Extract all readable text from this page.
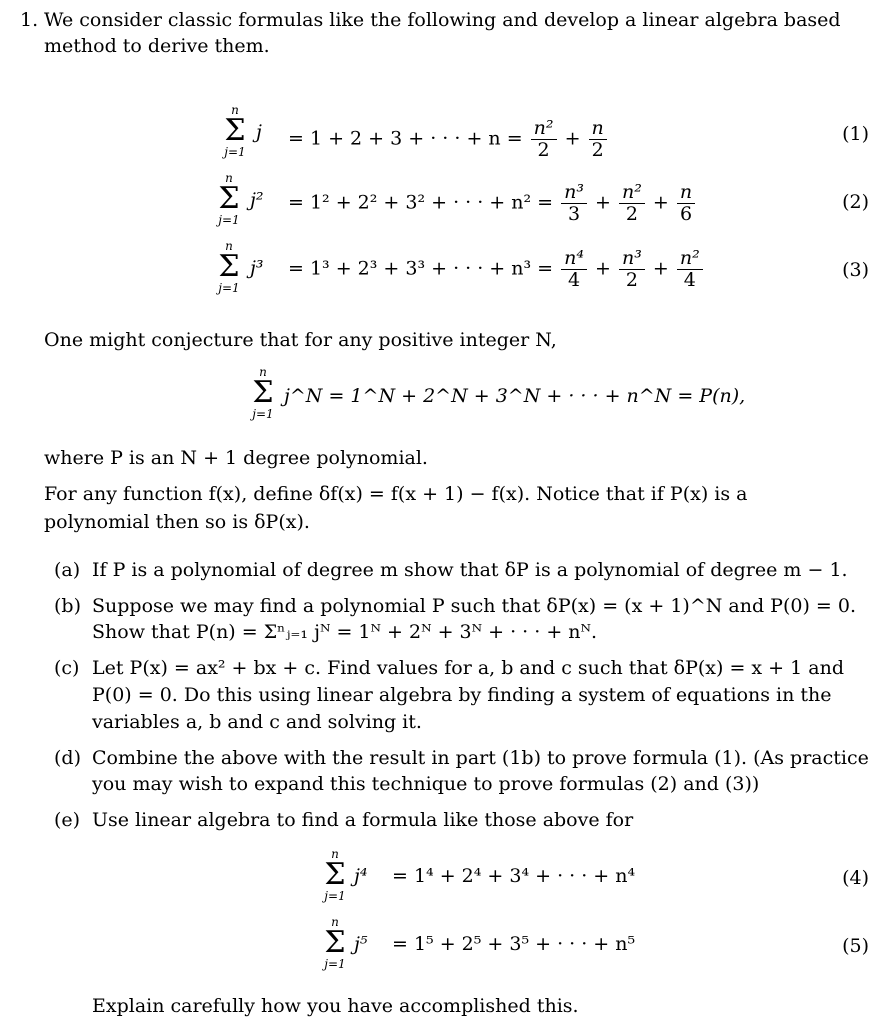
1. We consider classic formulas like the following and develop a linear algebra based
method to derive them.
n
Σ
j=1
j = 1 + 2 + 3 + · · · + $n = \frac{\text{n²}}{2} + \frac{n}{2}$	(1)
n
Σ
j=1
j² = 1² + 2² + 3² + · · · + $n^2 = \frac{\text{n³}}{3} + \frac{\text{n²}}{2} + \frac{n}{6}$	(2)
n
Σ
j=1
j³ = 1³ + 2³ + 3³ + · · · + $n^3 = \frac{\text{n⁴}}{4} + \frac{\text{n³}}{2} + \frac{\text{n²}}{4}$	(3)
One might conjecture that for any positive integer N,
n
Σ
j=1
j^N = 1^N + 2^N + 3^N + · · · + n^N = P(n),
where P is an N + 1 degree polynomial.
For any function f(x), define δf(x) = f(x + 1) − f(x). Notice that if P(x) is a
polynomial then so is δP(x).
(a) If P is a polynomial of degree m show that δP is a polynomial of degree m − 1.
(b) Suppose we may find a polynomial P such that δP(x) = (x + 1)^N and P(0) = 0.
Show that P(n) = Σⁿⱼ₌₁ jᴺ = 1ᴺ + 2ᴺ + 3ᴺ + · · · + nᴺ.
(c) Let P(x) = ax² + bx + c. Find values for a, b and c such that δP(x) = x + 1 and
P(0) = 0. Do this using linear algebra by finding a system of equations in the
variables a, b and c and solving it.
(d) Combine the above with the result in part (1b) to prove formula (1). (As practice
you may wish to expand this technique to prove formulas (2) and (3))
(e) Use linear algebra to find a formula like those above for
n
Σ
j=1
j⁴ = 1⁴ + 2⁴ + 3⁴ + · · · + n⁴	(4)
n
Σ
j=1
j⁵ = 1⁵ + 2⁵ + 3⁵ + · · · + n⁵	(5)
Explain carefully how you have accomplished this.
